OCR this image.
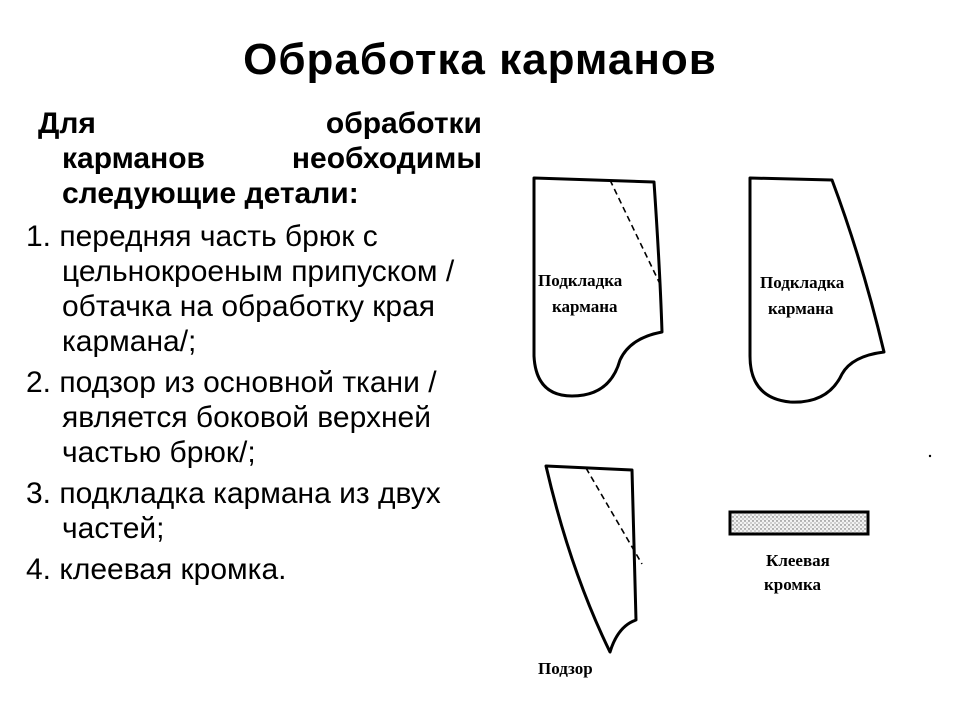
Обработка карманов
Для	обработки
карманов необходимы следующие детали:
1. передняя часть брюк с цельнокроеным припуском /обтачка на обработку края кармана/;
2. подзор из основной ткани /является боковой верхней частью брюк/;
3. подкладка кармана из двух частей;
4. клеевая кромка.
Подкладка
кармана
Подкладка
кармана
Подзор
Клеевая
кромка
